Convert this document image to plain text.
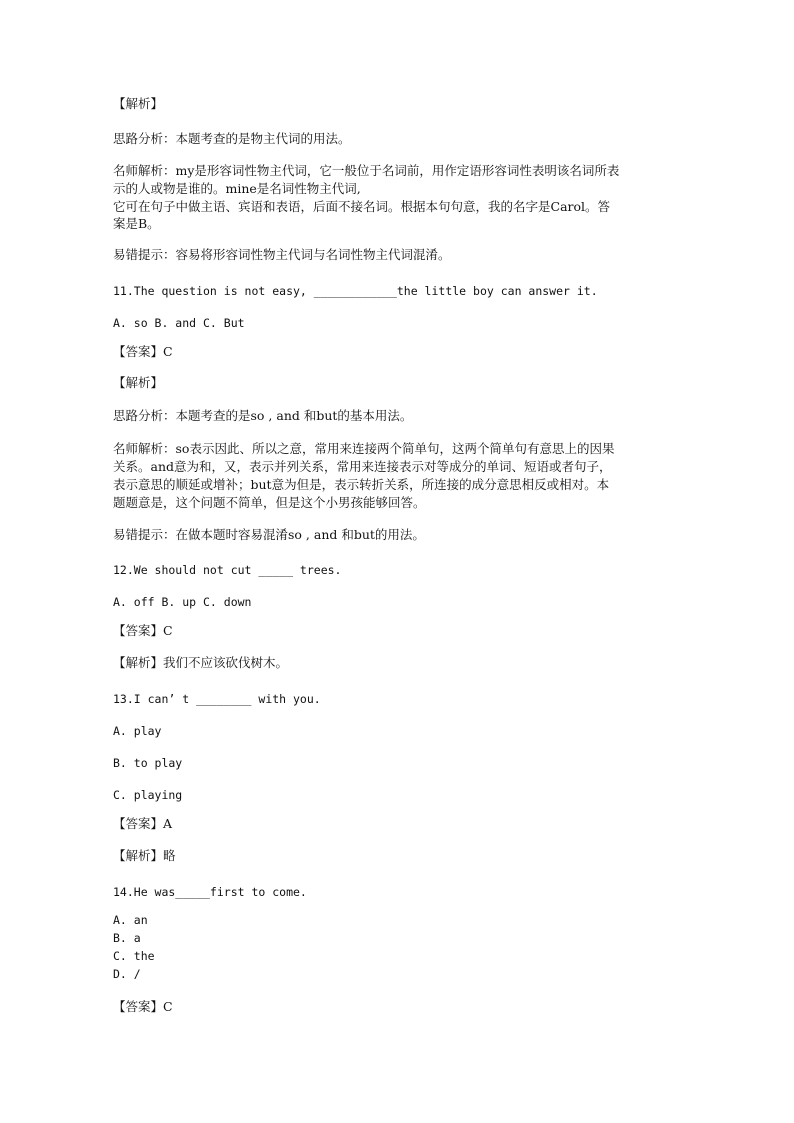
【解析】
思路分析：本题考查的是物主代词的用法。
名师解析：my是形容词性物主代词，它一般位于名词前，用作定语形容词性表明该名词所表
示的人或物是谁的。mine是名词性物主代词,
它可在句子中做主语、宾语和表语，后面不接名词。根据本句句意，我的名字是Carol。答
案是B。
易错提示：容易将形容词性物主代词与名词性物主代词混淆。
11.The question is not easy, ____________the little boy can answer it.
A. so B. and C. But
【答案】C
【解析】
思路分析：本题考查的是so , and 和but的基本用法。
名师解析：so表示因此、所以之意，常用来连接两个简单句，这两个简单句有意思上的因果
关系。and意为和，又，表示并列关系，常用来连接表示对等成分的单词、短语或者句子，
表示意思的顺延或增补；but意为但是，表示转折关系，所连接的成分意思相反或相对。本
题题意是，这个问题不简单，但是这个小男孩能够回答。
易错提示：在做本题时容易混淆so , and 和but的用法。
12.We should not cut _____ trees.
A. off B. up C. down
【答案】C
【解析】我们不应该砍伐树木。
13.I can’ t ________ with you.
A. play
B. to play
C. playing
【答案】A
【解析】略
14.He was_____first to come.
A. an
B. a
C. the
D. /
【答案】C
